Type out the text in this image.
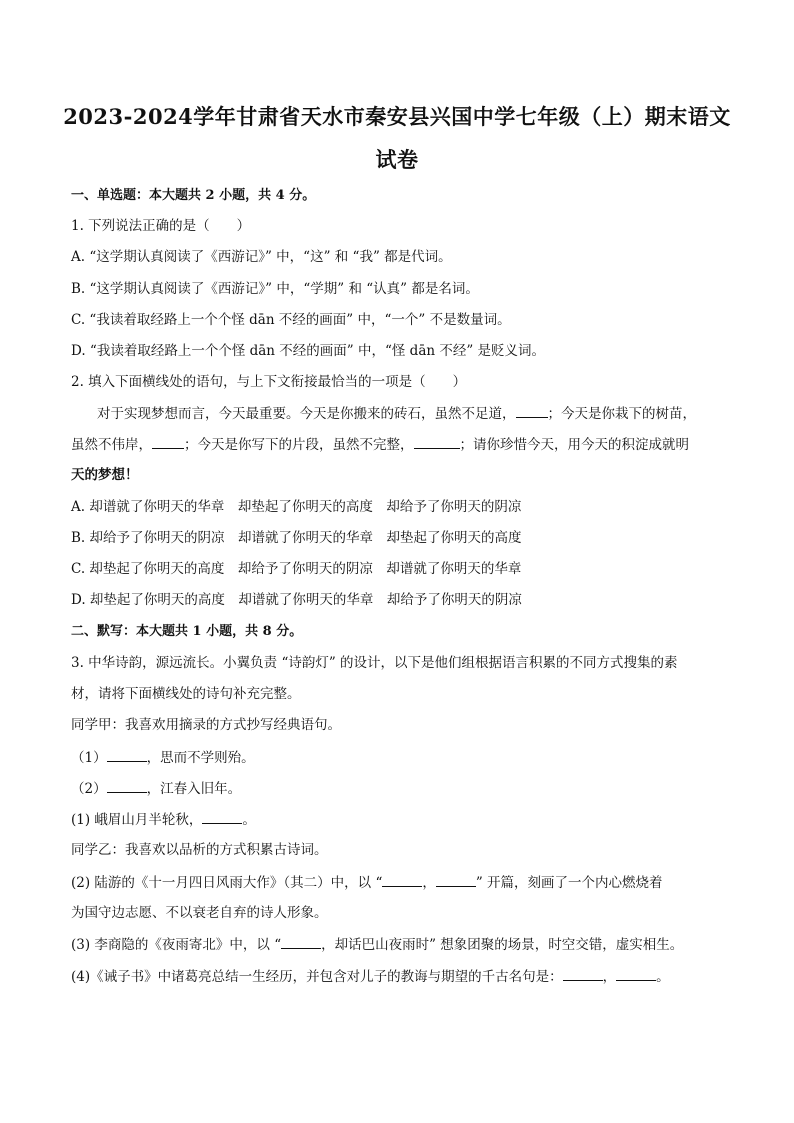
2023-2024学年甘肃省天水市秦安县兴国中学七年级（上）期末语文
试卷
一、单选题：本大题共 2 小题，共 4 分。
1. 下列说法正确的是（　　）
A. “这学期认真阅读了《西游记》” 中，“这” 和 “我” 都是代词。
B. “这学期认真阅读了《西游记》” 中，“学期” 和 “认真” 都是名词。
C. “我读着取经路上一个个怪 dān 不经的画面” 中，“一个” 不是数量词。
D. “我读着取经路上一个个怪 dān 不经的画面” 中，“怪 dān 不经” 是贬义词。
2. 填入下面横线处的语句，与上下文衔接最恰当的一项是（　　）
对于实现梦想而言，今天最重要。今天是你搬来的砖石，虽然不足道， ；今天是你栽下的树苗，
虽然不伟岸， ；今天是你写下的片段，虽然不完整，	；请你珍惜今天，用今天的积淀成就明
天的梦想！
A. 却谱就了你明天的华章　却垫起了你明天的高度　却给予了你明天的阴凉
B. 却给予了你明天的阴凉　却谱就了你明天的华章　却垫起了你明天的高度
C. 却垫起了你明天的高度　却给予了你明天的阴凉　却谱就了你明天的华章
D. 却垫起了你明天的高度　却谱就了你明天的华章　却给予了你明天的阴凉
二、默写：本大题共 1 小题，共 8 分。
3. 中华诗韵，源远流长。小翼负责 “诗韵灯” 的设计，以下是他们组根据语言积累的不同方式搜集的素
材，请将下面横线处的诗句补充完整。
同学甲：我喜欢用摘录的方式抄写经典语句。
（1）	，思而不学则殆。
（2）	，江春入旧年。
(1) 峨眉山月半轮秋，	。
同学乙：我喜欢以品析的方式积累古诗词。
(2) 陆游的《十一月四日风雨大作》（其二）中，以 “	，	” 开篇，刻画了一个内心燃烧着
为国守边志愿、不以衰老自弃的诗人形象。
(3) 李商隐的《夜雨寄北》中，以 “	，却话巴山夜雨时” 想象团聚的场景，时空交错，虚实相生。
(4)《诫子书》中诸葛亮总结一生经历，并包含对儿子的教诲与期望的千古名句是：	，	。
